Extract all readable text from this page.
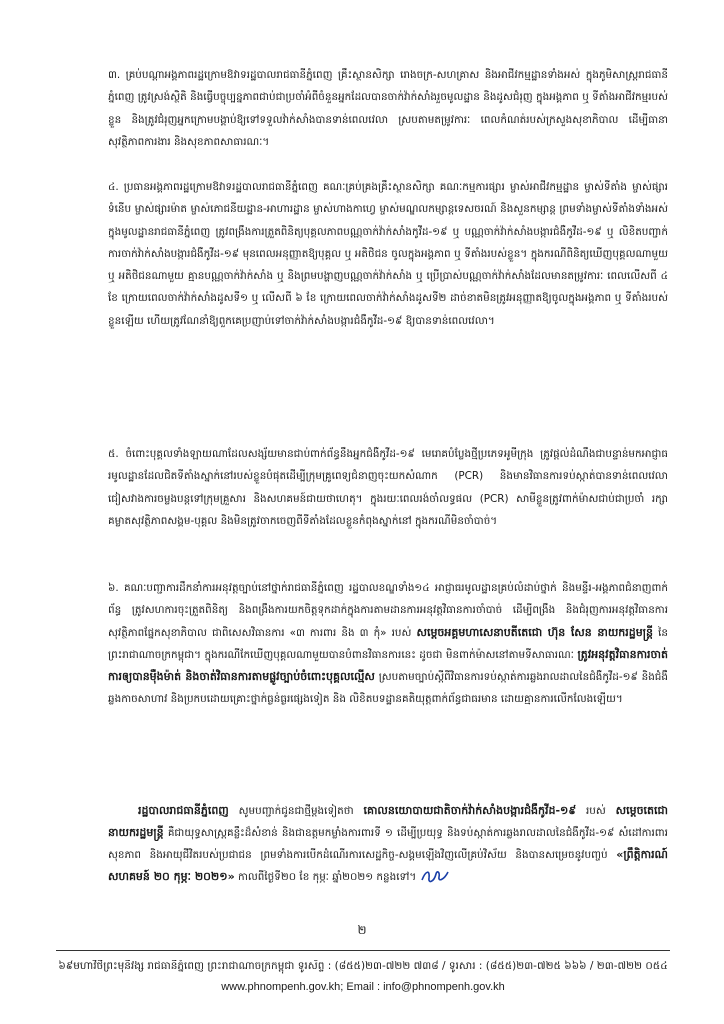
៣. គ្រប់បណ្ដាអង្គភាពរដ្ឋក្រោមឱវាទរដ្ឋបាលរាជធានីភ្នំពេញ គ្រឹះស្ថានសិក្សា រោងចក្រ-សហគ្រាស និងអាជីវកម្មដ្ឋានទាំងអស់ ក្នុងភូមិសាស្ត្ររាជធានីភ្នំពេញ ត្រូវស្រង់ស្ថិតិ និងធ្វើបច្ចុប្បន្នភាពជាប់ជាប្រចាំអំពីចំនួនអ្នកដែលបានចាក់វ៉ាក់សាំងរួចមូលដ្ឋាន និងដូសជំរុញ ក្នុងអង្គភាព ឬ ទីតាំងអាជីវកម្មរបស់ខ្លួន និងត្រូវជំរុញអ្នកក្រោមបង្គាប់ឱ្យទៅទទួលវ៉ាក់សាំងបានទាន់ពេលវេលា ស្របតាមតម្រូវការៈ ពេលកំណត់របស់ក្រសួងសុខាភិបាល ដើម្បីធានាសុវត្ថិភាពការងារ និងសុខភាពសាធារណៈ។
៤. ប្រធានអង្គភាពរដ្ឋក្រោមឱវាទរដ្ឋបាលរាជធានីភ្នំពេញ គណៈគ្រប់គ្រងគ្រឹះស្ថានសិក្សា គណៈកម្មការផ្សារ ម្ចាស់អាជីវកម្មដ្ឋាន ម្ចាស់ទីតាំង ម្ចាស់ផ្សារទំនើប ម្ចាស់ផ្សារម៉ាត ម្ចាស់ភោជនីយដ្ឋាន-អាហារដ្ឋាន ម្ចាស់ហាងកាហ្វេ ម្ចាស់មណ្ឌលកម្សាន្តទេសចរណ៍ និងសួនកម្សាន្ត ព្រមទាំងម្ចាស់ទីតាំងទាំងអស់ក្នុងមូលដ្ឋានរាជធានីភ្នំពេញ ត្រូវពង្រឹងការត្រួតពិនិត្យបុគ្គលភាពបណ្ណចាក់វ៉ាក់សាំងកូវីដ-១៩ ឬ បណ្ណចាក់វ៉ាក់សាំងបង្ការជំងឺកូវីដ-១៩ ឬ លិខិតបញ្ជាក់ការចាក់វ៉ាក់សាំងបង្ការជំងឺកូវីដ-១៩ មុនពេលអនុញ្ញាតឱ្យបុគ្គល ឬ អតិថិជន ចូលក្នុងអង្គភាព ឬ ទីតាំងរបស់ខ្លួន។ ក្នុងករណីពិនិត្យឃើញបុគ្គលណាមួយ ឬ អតិថិជនណាមួយ គ្មានបណ្ណចាក់វ៉ាក់សាំង ឬ និងព្រមបង្ហាញបណ្ណចាក់វ៉ាក់សាំង ឬ ប្រើប្រាស់បណ្ណចាក់វ៉ាក់សាំងដែលមានតម្រូវការៈ ពេលលើសពី ៤ ខែ ក្រោយពេលចាក់វ៉ាក់សាំងដូសទី១ ឬ លើសពី ៦ ខែ ក្រោយពេលចាក់វ៉ាក់សាំងដូសទី២ ដាច់ខាតមិនត្រូវអនុញ្ញាតឱ្យចូលក្នុងអង្គភាព ឬ ទីតាំងរបស់ខ្លួនឡើយ ហើយត្រូវណែនាំឱ្យពួកគេប្រញាប់ទៅចាក់វ៉ាក់សាំងបង្ការជំងឺកូវីដ-១៩ ឱ្យបានទាន់ពេលវេលា។
៥. ចំពោះបុគ្គលទាំងឡាយណាដែលសង្ស័យមានជាប់ពាក់ព័ន្ធនឹងអ្នកជំងឺកូវីដ-១៩ មេរោគបំប្លែងថ្មីប្រភេទអូមីក្រុង ត្រូវផ្ដល់ដំណឹងជាបន្ទាន់មកអាជ្ញាធរមូលដ្ឋានដែលជិតទីតាំងស្នាក់នៅរបស់ខ្លួនបំផុតដើម្បីក្រុមគ្រូពេទ្យជំនាញចុះយកសំណាក (PCR) និងមានវិធានការទប់ស្កាត់បានទាន់ពេលវេលា ជៀសវាងការចម្លងបន្តទៅក្រុមគ្រួសារ និងសហគមន៍ជាយថាហេតុ។ ក្នុងរយៈពេលរង់ចាំលទ្ធផល (PCR) សាមីខ្លួនត្រូវពាក់ម៉ាសជាប់ជាប្រចាំ រក្សាគម្លាតសុវត្ថិភាពសង្គម-បុគ្គល និងមិនត្រូវចាកចេញពីទីតាំងដែលខ្លួនកំពុងស្នាក់នៅ ក្នុងករណីមិនចាំបាច់។
៦. គណៈបញ្ជាការដឹកនាំការអនុវត្តច្បាប់នៅថ្នាក់រាជធានីភ្នំពេញ រដ្ឋបាលខណ្ឌទាំង១៤ អាជ្ញាធរមូលដ្ឋានគ្រប់លំដាប់ថ្នាក់ និងមន្ទីរ-អង្គភាពជំនាញពាក់ព័ន្ធ ត្រូវសហការចុះត្រួតពិនិត្យ និងពង្រឹងការយកចិត្តទុកដាក់ក្នុងការតាមដានការអនុវត្តវិធានការចាំបាច់ ដើម្បីពង្រឹង និងជំរុញការអនុវត្តវិធានការសុវត្ថិភាពផ្នែកសុខាភិបាល ជាពិសេសវិធានការ «៣ ការពារ និង ៣ កុំ» របស់ សម្តេចអគ្គមហាសេនាបតីតេជោ ហ៊ុន សែន នាយករដ្ឋមន្ត្រី នៃព្រះរាជាណាចក្រកម្ពុជា។ ក្នុងករណីកែឃើញបុគ្គលណាមួយបានបំពានវិធានការនេះ ដូចជា មិនពាក់ម៉ាសនៅតាមទីសាធារណៈ ត្រូវអនុវត្តវិធានការចាត់ការឲ្យបានម៉ឺងម៉ាត់ និងចាត់វិធានការតាមផ្លូវច្បាប់ចំពោះបុគ្គលល្មើស ស្របតាមច្បាប់ស្ដីពីវិធានការទប់ស្កាត់ការឆ្លងរាលដាលនៃជំងឺកូវីដ-១៩ និងជំងឺឆ្លងកាចសាហាវ និងប្រកបដោយគ្រោះថ្នាក់ធ្ងន់ធ្ងរផ្សេងទៀត និង លិខិតបទដ្ឋានគតិយុត្តពាក់ព័ន្ធជាធរមាន ដោយគ្មានការលើកលែងឡើយ។
រដ្ឋបាលរាជធានីភ្នំពេញ សូមបញ្ជាក់ជូនជាថ្មីម្ដងទៀតថា គោលនយោបាយជាតិចាក់វ៉ាក់សាំងបង្ការជំងឺកូវីដ-១៩ របស់ សម្តេចតេជោនាយករដ្ឋមន្ត្រី គឺជាយុទ្ធសាស្ត្រគន្លឹះដ៏សំខាន់ និងជាឧត្តមកម្លាំងការពារទី ១ ដើម្បីប្រយុទ្ធ និងទប់ស្កាត់ការឆ្លងរាលដាលនៃជំងឺកូវីដ-១៩ សំដៅការពារសុខភាព និងអាយុជីវិតរបស់ប្រជាជន ព្រមទាំងការបើកដំណើរការសេដ្ឋកិច្ច-សង្គមឡើងវិញលើគ្រប់វិស័យ និងបានសម្រេចនូវបញ្ចប់ «ព្រឹត្តិការណ៍សហគមន៍ ២០ កុម្ភៈ ២០២១» កាលពីថ្ងៃទី២០ ខែ កុម្ភៈ ឆ្នាំ២០២១ កន្លងទៅ។
២
៦៩មហាវិថីព្រះមុនីវង្ស រាជធានីភ្នំពេញ ព្រះរាជាណាចក្រកម្ពុជា ទូរស័ព្ទ : (៨៥៥)២៣-៧២២ ៧៣៨ / ទូរសារ : (៨៥៥)២៣-៧២៥ ៦៦៦ / ២៣-៧២២ ០៥៤
www.phnompenh.gov.kh; Email : info@phnompenh.gov.kh
